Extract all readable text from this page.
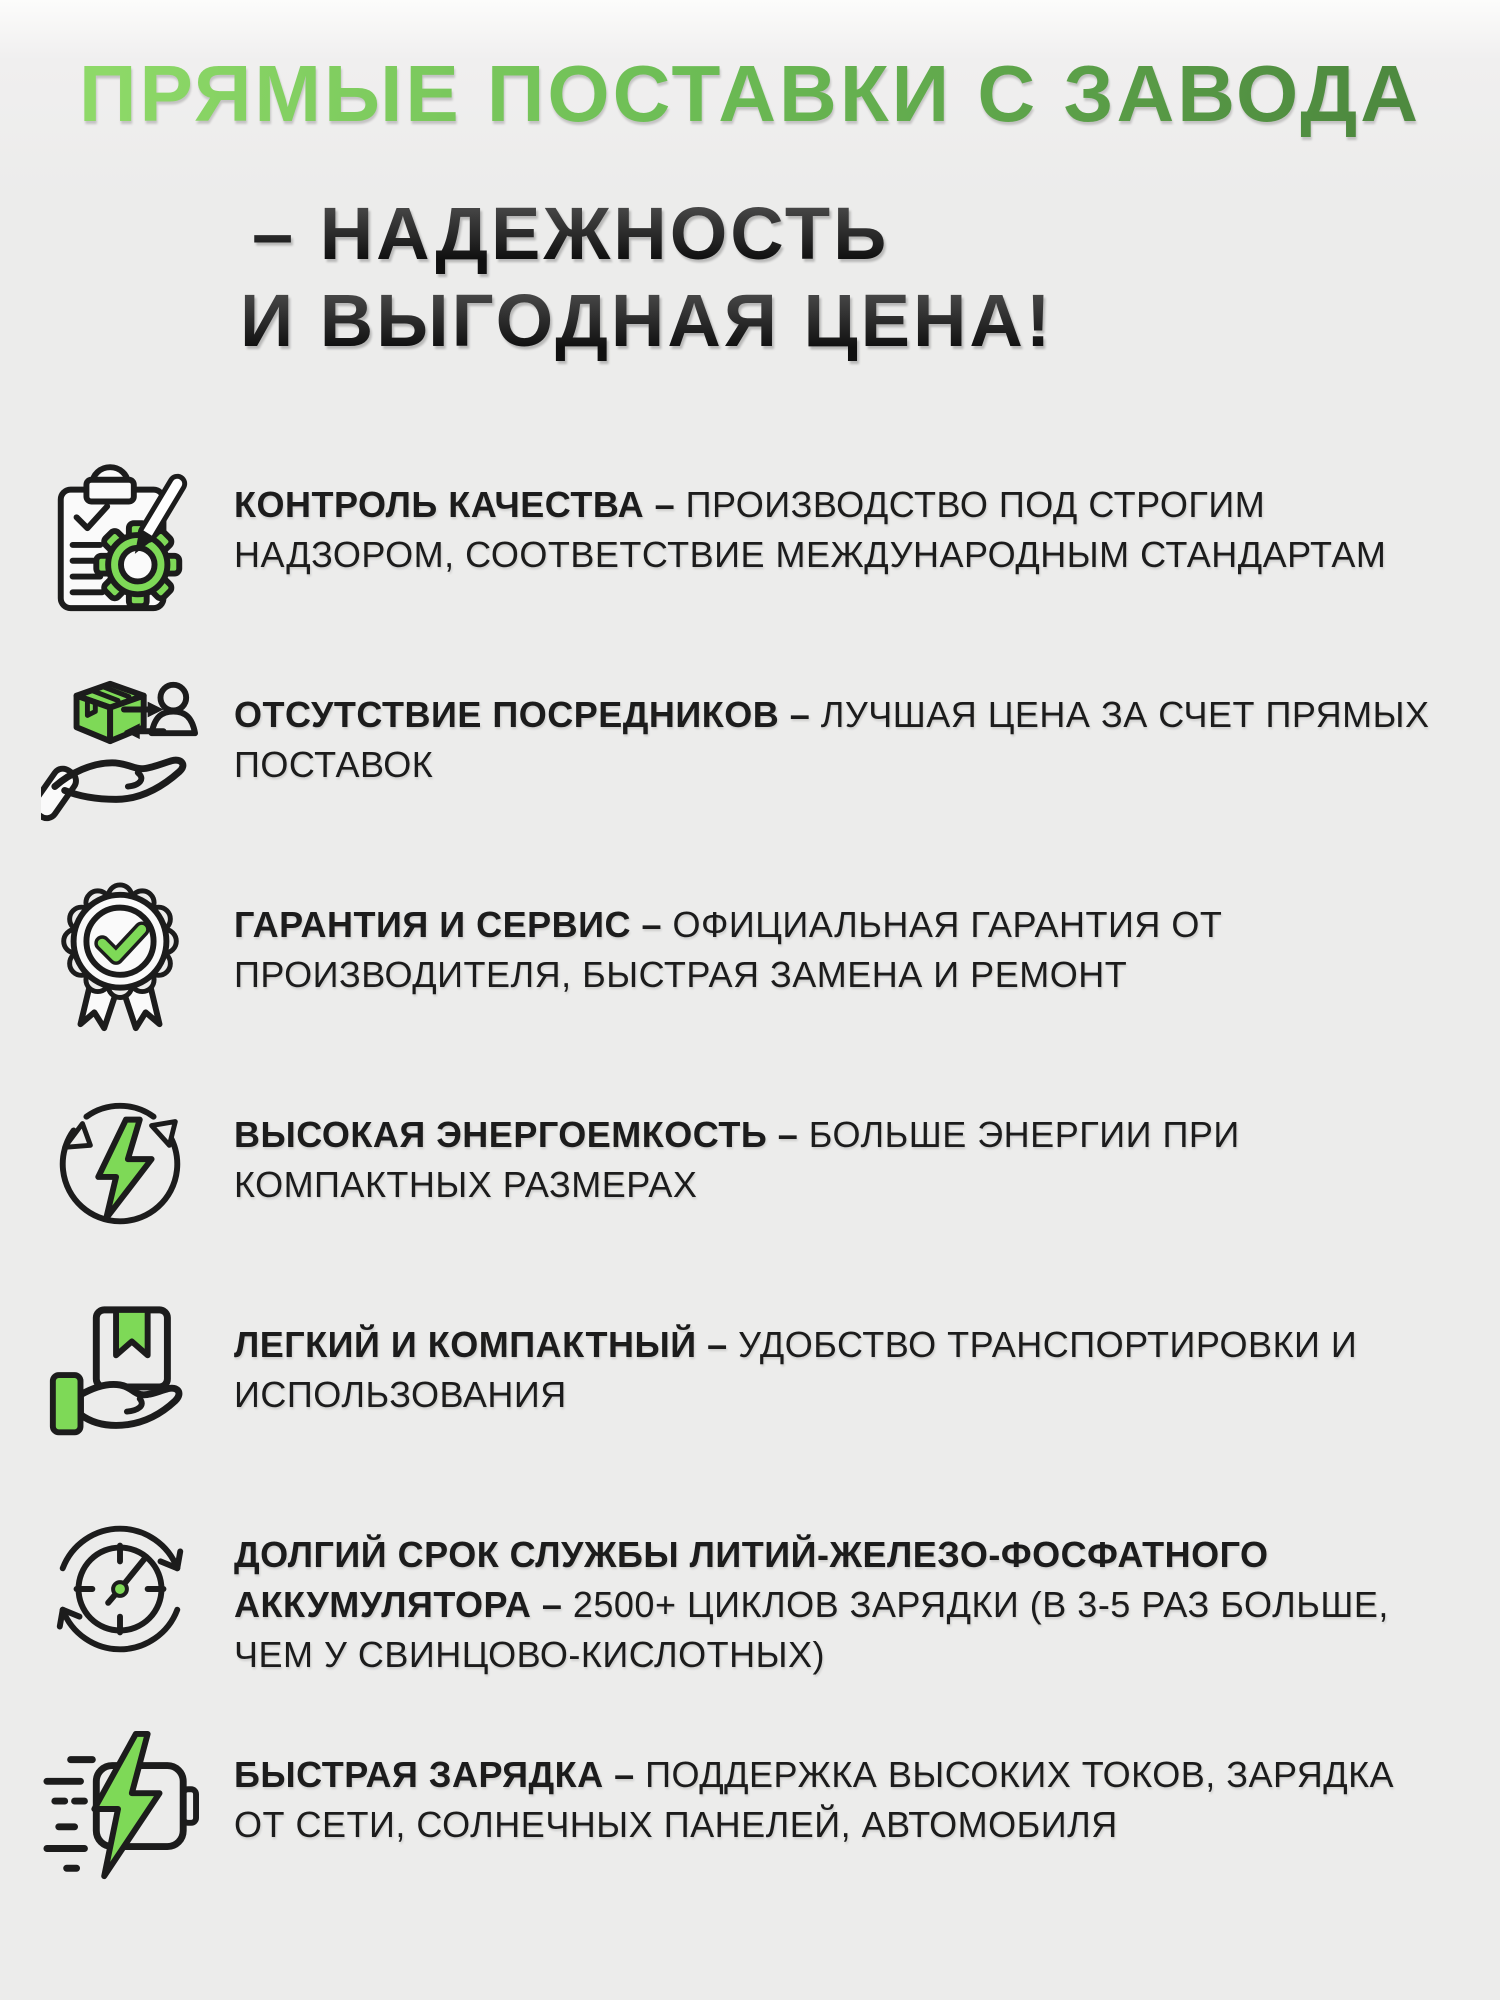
ПРЯМЫЕ ПОСТАВКИ С ЗАВОДА
– НАДЕЖНОСТЬ
И ВЫГОДНАЯ ЦЕНА!
КОНТРОЛЬ КАЧЕСТВА – ПРОИЗВОДСТВО ПОД СТРОГИМ НАДЗОРОМ, СООТВЕТСТВИЕ МЕЖДУНАРОДНЫМ СТАНДАРТАМ
ОТСУТСТВИЕ ПОСРЕДНИКОВ – ЛУЧШАЯ ЦЕНА ЗА СЧЕТ ПРЯМЫХ ПОСТАВОК
ГАРАНТИЯ И СЕРВИС – ОФИЦИАЛЬНАЯ ГАРАНТИЯ ОТ ПРОИЗВОДИТЕЛЯ, БЫСТРАЯ ЗАМЕНА И РЕМОНТ
ВЫСОКАЯ ЭНЕРГОЕМКОСТЬ – БОЛЬШЕ ЭНЕРГИИ ПРИ КОМПАКТНЫХ РАЗМЕРАХ
ЛЕГКИЙ И КОМПАКТНЫЙ – УДОБСТВО ТРАНСПОРТИРОВКИ И ИСПОЛЬЗОВАНИЯ
ДОЛГИЙ СРОК СЛУЖБЫ ЛИТИЙ-ЖЕЛЕЗО-ФОСФАТНОГО АККУМУЛЯТОРА – 2500+ ЦИКЛОВ ЗАРЯДКИ (В 3-5 РАЗ БОЛЬШЕ, ЧЕМ У СВИНЦОВО-КИСЛОТНЫХ)
БЫСТРАЯ ЗАРЯДКА – ПОДДЕРЖКА ВЫСОКИХ ТОКОВ, ЗАРЯДКА ОТ СЕТИ, СОЛНЕЧНЫХ ПАНЕЛЕЙ, АВТОМОБИЛЯ
